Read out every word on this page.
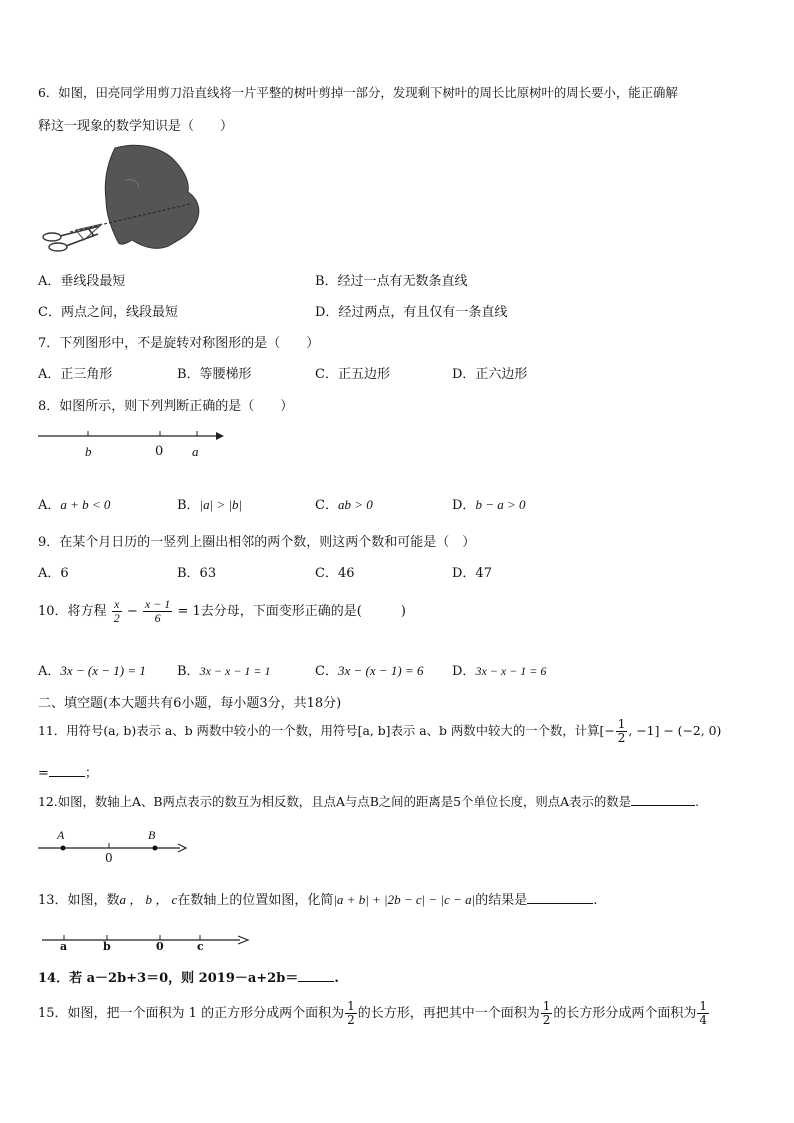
6．如图，田亮同学用剪刀沿直线将一片平整的树叶剪掉一部分，发现剩下树叶的周长比原树叶的周长要小，能正确解
释这一现象的数学知识是（　　）
A．垂线段最短	B．经过一点有无数条直线
C．两点之间，线段最短	D．经过两点，有且仅有一条直线
7．下列图形中，不是旋转对称图形的是（　　）
A．正三角形	B．等腰梯形	C．正五边形	D．正六边形
8．如图所示，则下列判断正确的是（　　）
b	0 a
A．a + b < 0	B．|a| > |b|	C．ab > 0	D．b − a > 0
9．在某个月日历的一竖列上圈出相邻的两个数，则这两个数和可能是（　）
A．6	B．63	C．46	D．47
10．将方程 $\frac{x}{2} - \frac{x - 1}{6} = 1$去分母，下面变形正确的是(　　　)
A．3x − (x − 1) = 1 B．3x − x − 1 = 1	C．3x − (x − 1) = 6 D．3x − x − 1 = 6
二、填空题(本大题共有6小题，每小题3分，共18分)
11．用符号(a, b)表示 a、b 两数中较小的一个数，用符号[a, b]表示 a、b 两数中较大的一个数，计算[− $\frac{1}{2}$ , −1] − (−2, 0)
=	；
12.如图，数轴上A、B两点表示的数互为相反数，且点A与点B之间的距离是5个单位长度，则点A表示的数是	.
A	B
0
13．如图，数a ， b ， c在数轴上的位置如图，化简|a + b| + |2b − c| − |c − a|的结果是	.
a	b	0	c
14．若 a－2b+3＝0，则 2019－a+2b＝	.
15．如图，把一个面积为 1 的正方形分成两个面积为 $\frac{1}{2}$ 的长方形，再把其中一个面积为 $\frac{1}{2}$ 的长方形分成两个面积为 $\frac{1}{4}$
